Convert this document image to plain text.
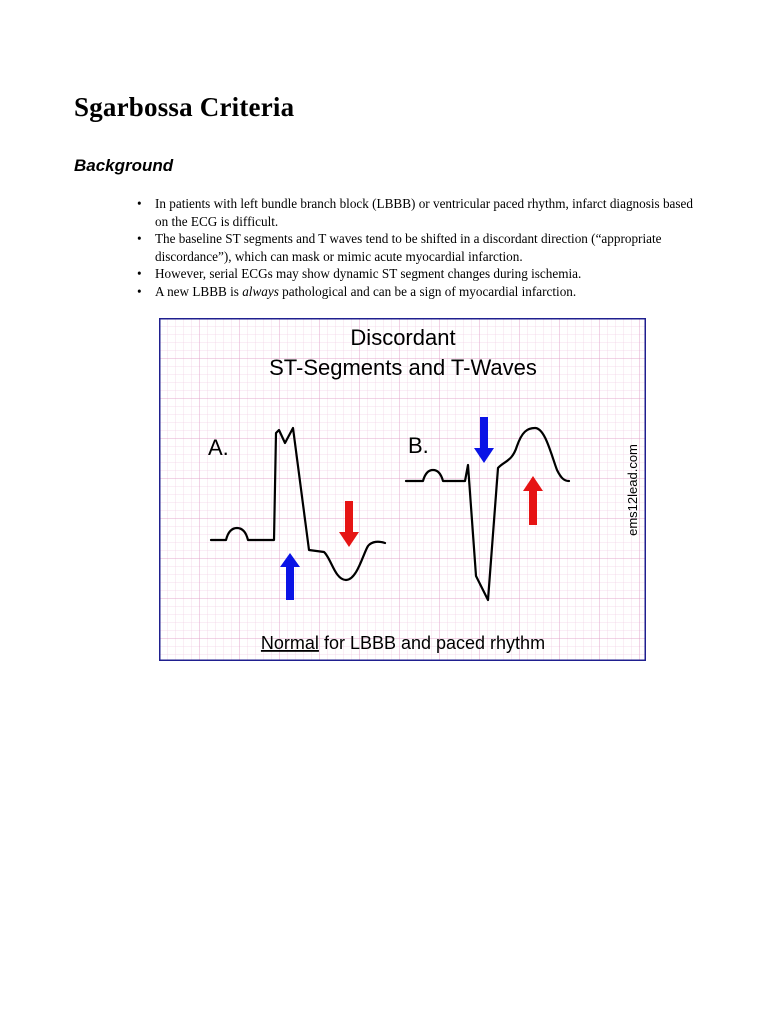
Sgarbossa Criteria
Background
• In patients with left bundle branch block (LBBB) or ventricular paced rhythm, infarct diagnosis based on the ECG is difficult.
• The baseline ST segments and T waves tend to be shifted in a discordant direction (“appropriate discordance”), which can mask or mimic acute myocardial infarction.
• However, serial ECGs may show dynamic ST segment changes during ischemia.
• A new LBBB is always pathological and can be a sign of myocardial infarction.
Discordant
ST-Segments and T-Waves
A.	B.	ems12lead.com
Normal for LBBB and paced rhythm
